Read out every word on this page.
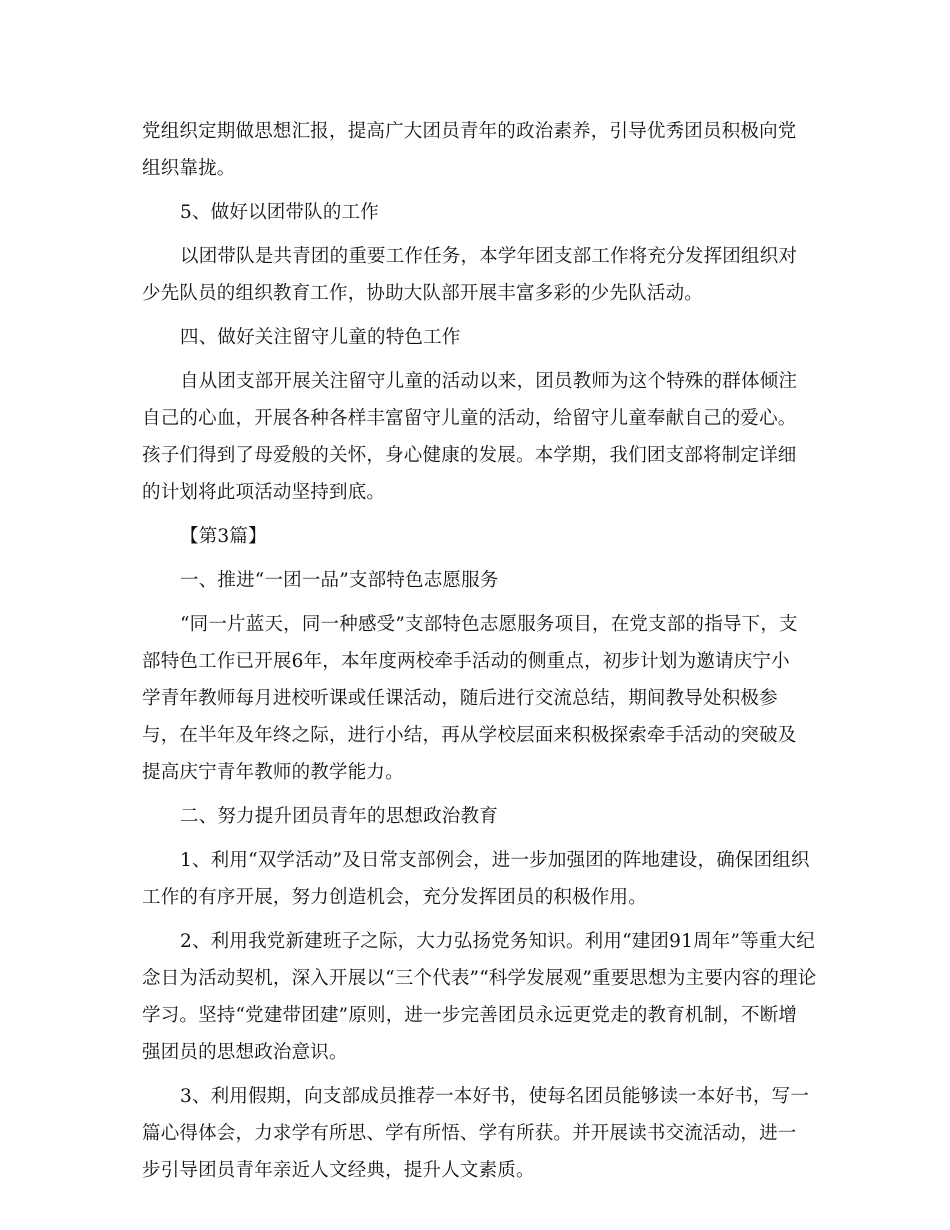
党组织定期做思想汇报，提高广大团员青年的政治素养，引导优秀团员积极向党
组织靠拢。
5、做好以团带队的工作
以团带队是共青团的重要工作任务，本学年团支部工作将充分发挥团组织对
少先队员的组织教育工作，协助大队部开展丰富多彩的少先队活动。
四、做好关注留守儿童的特色工作
自从团支部开展关注留守儿童的活动以来，团员教师为这个特殊的群体倾注
自己的心血，开展各种各样丰富留守儿童的活动，给留守儿童奉献自己的爱心。
孩子们得到了母爱般的关怀，身心健康的发展。本学期，我们团支部将制定详细
的计划将此项活动坚持到底。
【第3篇】
一、推进“一团一品”支部特色志愿服务
“同一片蓝天，同一种感受”支部特色志愿服务项目，在党支部的指导下，支
部特色工作已开展6年，本年度两校牵手活动的侧重点，初步计划为邀请庆宁小
学青年教师每月进校听课或任课活动，随后进行交流总结，期间教导处积极参
与，在半年及年终之际，进行小结，再从学校层面来积极探索牵手活动的突破及
提高庆宁青年教师的教学能力。
二、努力提升团员青年的思想政治教育
1、利用“双学活动”及日常支部例会，进一步加强团的阵地建设，确保团组织
工作的有序开展，努力创造机会，充分发挥团员的积极作用。
2、利用我党新建班子之际，大力弘扬党务知识。利用“建团91周年”等重大纪
念日为活动契机，深入开展以“三个代表”“科学发展观”重要思想为主要内容的理论
学习。坚持“党建带团建”原则，进一步完善团员永远更党走的教育机制，不断增
强团员的思想政治意识。
3、利用假期，向支部成员推荐一本好书，使每名团员能够读一本好书，写一
篇心得体会，力求学有所思、学有所悟、学有所获。并开展读书交流活动，进一
步引导团员青年亲近人文经典，提升人文素质。
